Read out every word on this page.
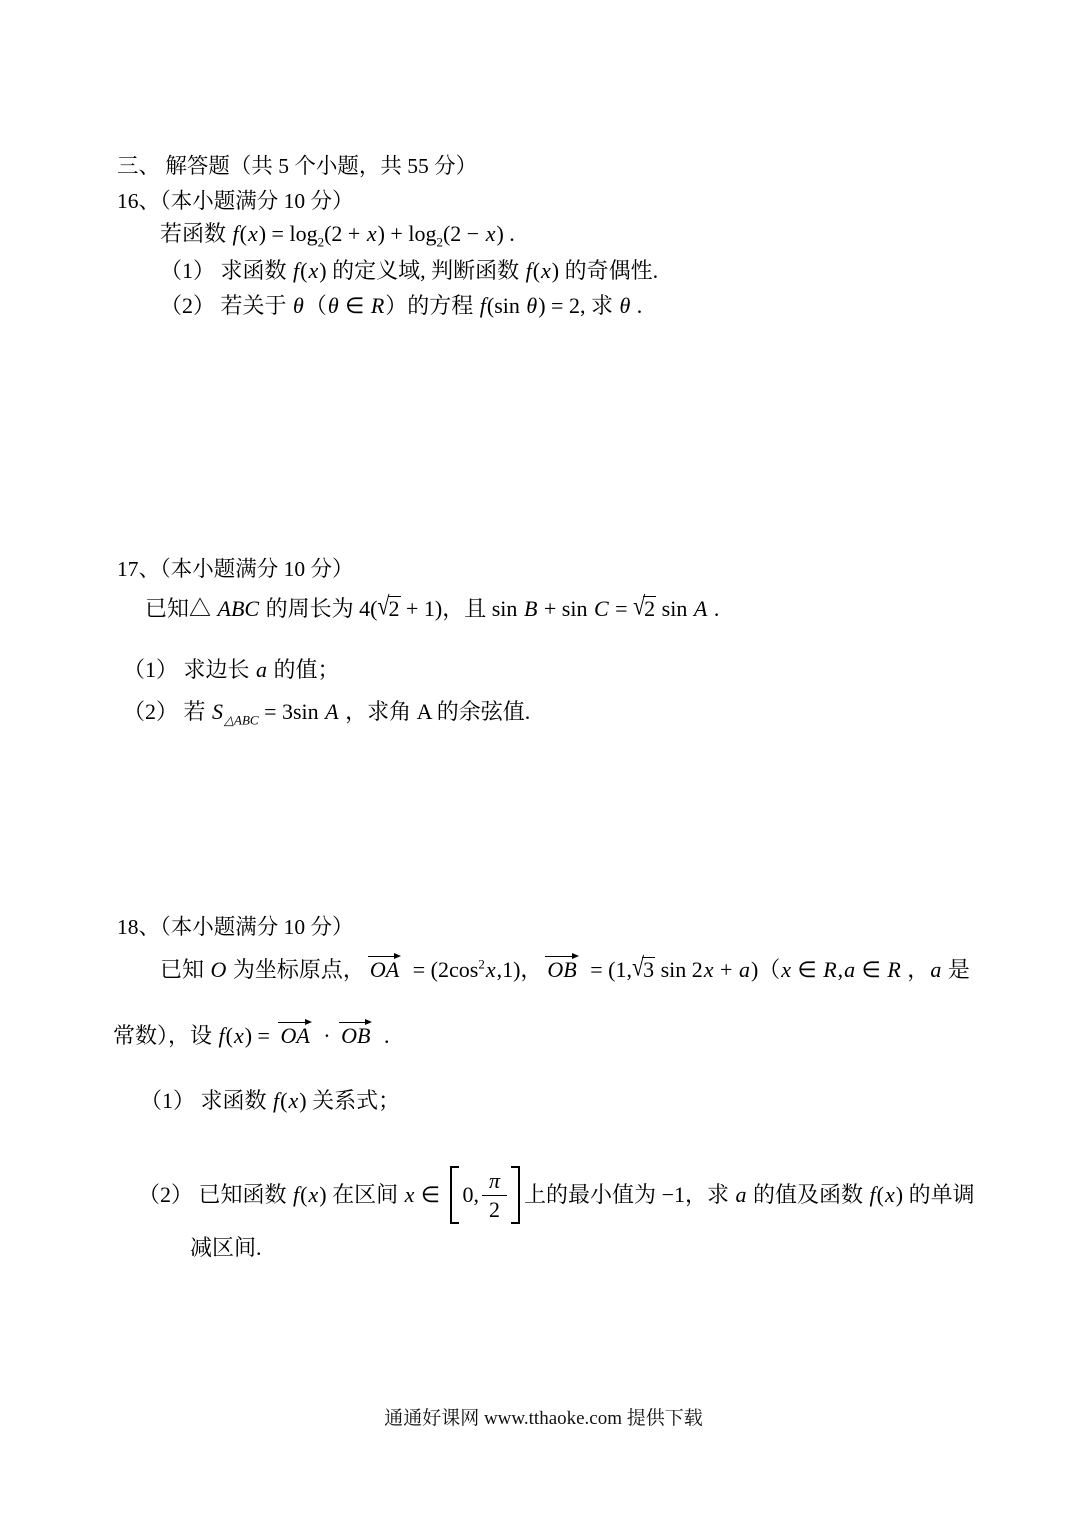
三、 解答题（共 5 个小题，共 55 分）
16、（本小题满分 10 分）
若函数 $f(x) = \log_2(2 + x) + \log_2(2 - x)$ .
（1） 求函数 f(x) 的定义域, 判断函数 f(x) 的奇偶性.
（2） 若关于 θ（θ ∈ R）的方程 f(sin θ) = 2, 求 θ .
17、（本小题满分 10 分）
已知△ ABC 的周长为 4(√2 + 1)，且 sin B + sin C = √2 sin A .
（1） 求边长 a 的值；
（2） 若 $S_{\triangle ABC} = 3\sin$ A ，求角 A 的余弦值.
18、（本小题满分 10 分）
已知 O 为坐标原点， OA = $(2\cos^2x,1)$， OB = (1,√3 sin 2x + a)（x ∈ R,a ∈ R ，a 是
常数），设 f(x) = OA · OB .
（1） 求函数 f(x) 关系式；
（2） 已知函数 f(x) 在区间 x ∈ 0, $\frac{\pi}{2}$ 上的最小值为 −1，求 a 的值及函数 f(x) 的单调
减区间.
通通好课网 www.tthaoke.com 提供下载
